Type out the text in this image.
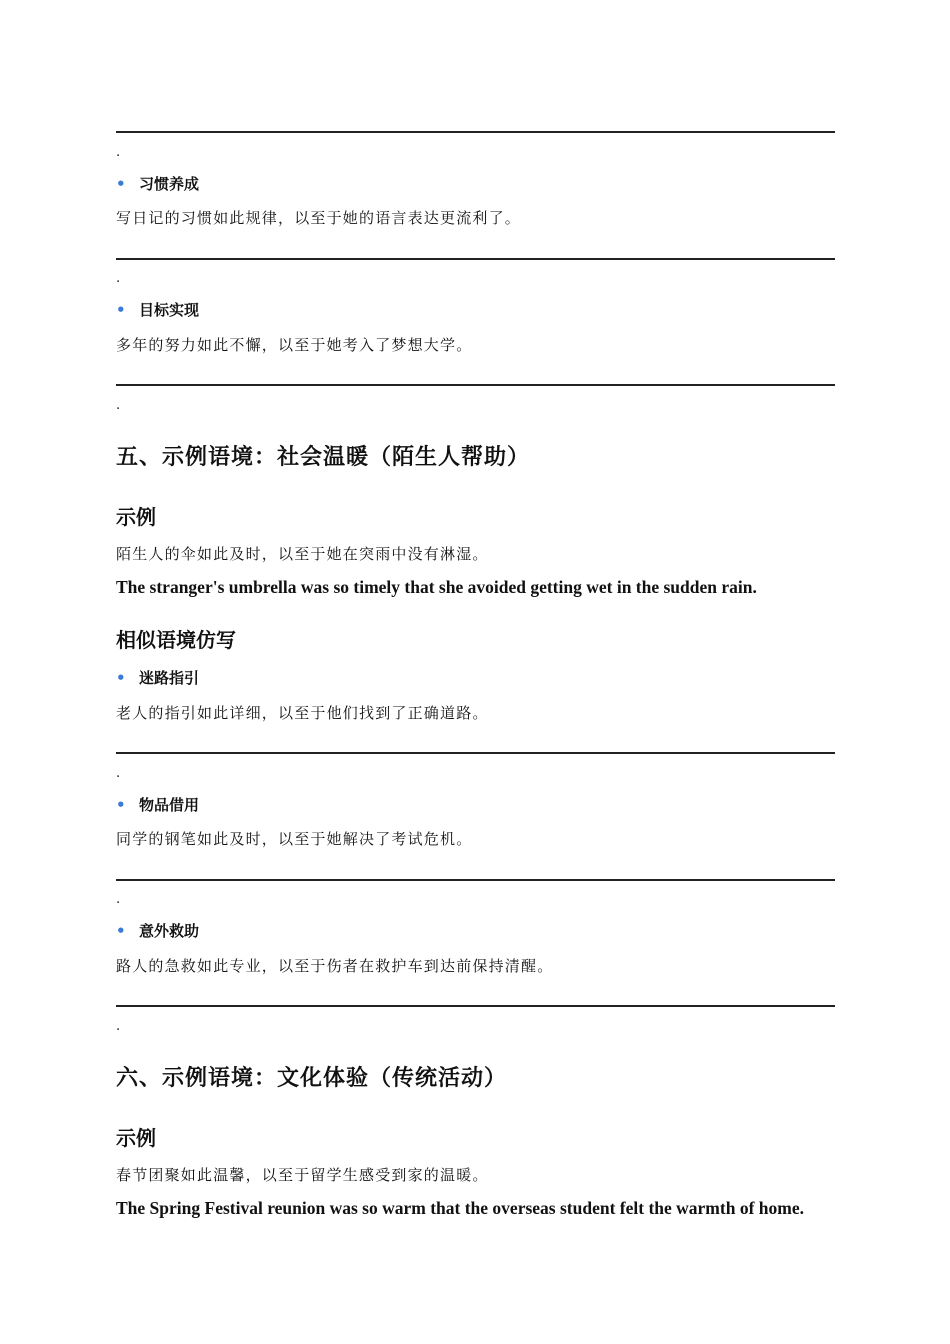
.
• 习惯养成
写日记的习惯如此规律，以至于她的语言表达更流利了。
.
• 目标实现
多年的努力如此不懈，以至于她考入了梦想大学。
.
五、示例语境：社会温暖（陌生人帮助）
示例
陌生人的伞如此及时，以至于她在突雨中没有淋湿。
The stranger's umbrella was so timely that she avoided getting wet in the sudden rain.
相似语境仿写
• 迷路指引
老人的指引如此详细，以至于他们找到了正确道路。
.
• 物品借用
同学的钢笔如此及时，以至于她解决了考试危机。
.
• 意外救助
路人的急救如此专业，以至于伤者在救护车到达前保持清醒。
.
六、示例语境：文化体验（传统活动）
示例
春节团聚如此温馨，以至于留学生感受到家的温暖。
The Spring Festival reunion was so warm that the overseas student felt the warmth of home.
